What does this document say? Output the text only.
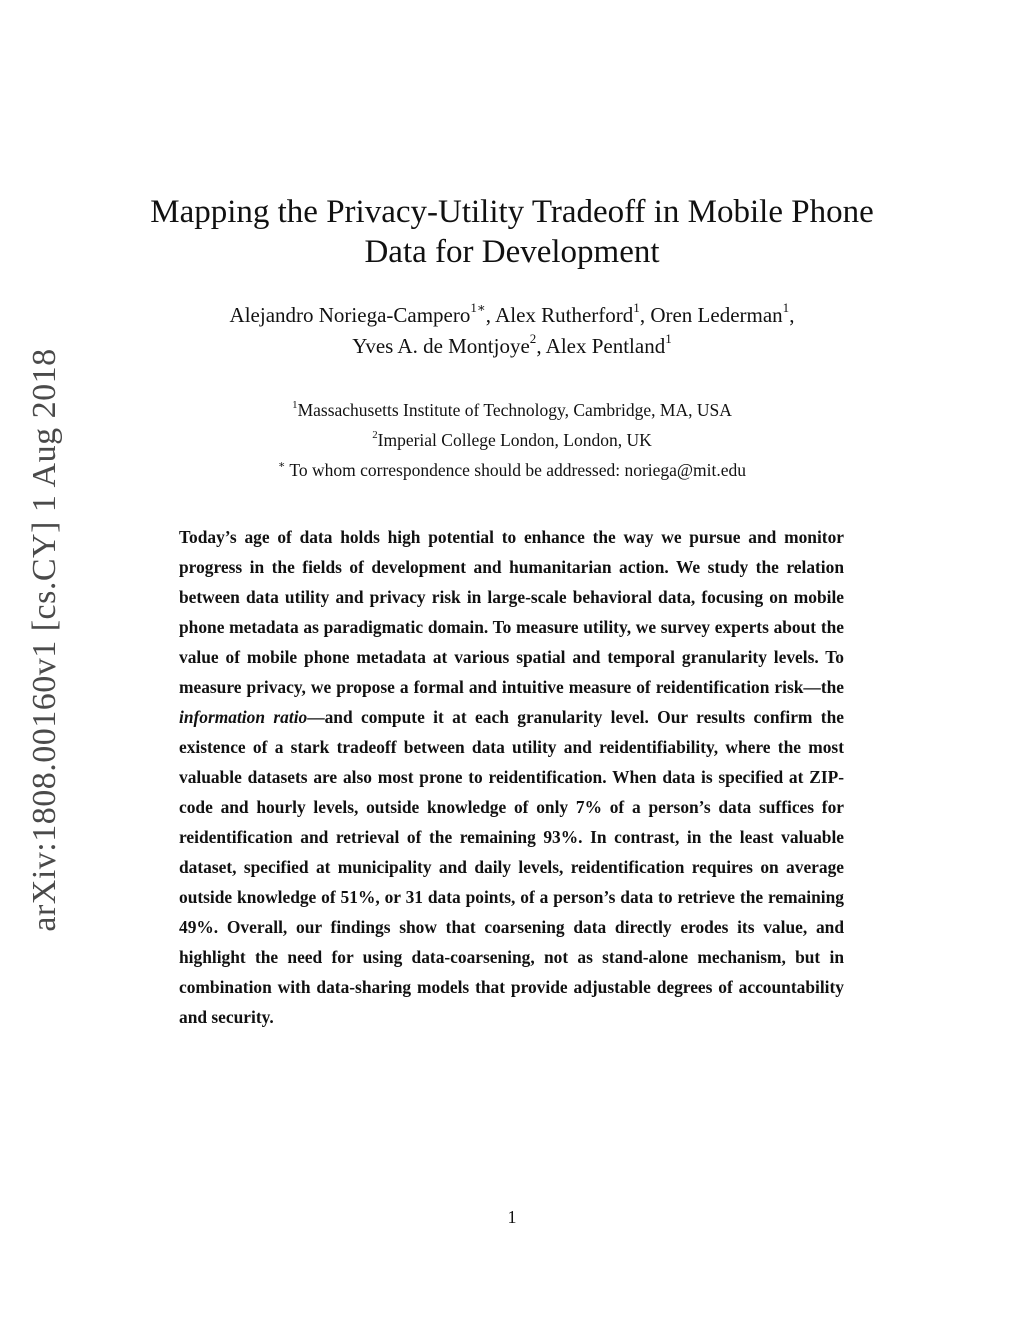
arXiv:1808.00160v1 [cs.CY] 1 Aug 2018
Mapping the Privacy-Utility Tradeoff in Mobile Phone
Data for Development
Alejandro Noriega-Campero$^{1∗}$, Alex Rutherford$^1$, Oren Lederman$^1$,
Yves A. de Montjoye$^2$, Alex Pentland$^1$
$^1$Massachusetts Institute of Technology, Cambridge, MA, USA
$^2$Imperial College London, London, UK
∗ To whom correspondence should be addressed: noriega@mit.edu

Today’s age of data holds high potential to enhance the way we pursue and monitor progress in the fields of development and humanitarian action. We study the relation between data utility and privacy risk in large-scale behavioral data, focusing on mobile phone metadata as paradigmatic domain. To measure utility, we survey experts about the value of mobile phone metadata at various spatial and temporal granularity levels. To measure privacy, we propose a formal and intuitive measure of reidentification risk—the information ratio—and compute it at each granularity level. Our results confirm the existence of a stark tradeoff between data utility and reidentifiability, where the most valuable datasets are also most prone to reidentification. When data is specified at ZIP-code and hourly levels, outside knowledge of only 7% of a person’s data suffices for reidentification and retrieval of the remaining 93%. In contrast, in the least valuable dataset, specified at municipality and daily levels, reidentification requires on average outside knowledge of 51%, or 31 data points, of a person’s data to retrieve the remaining 49%. Overall, our findings show that coarsening data directly erodes its value, and highlight the need for using data-coarsening, not as stand-alone mechanism, but in combination with data-sharing models that provide adjustable degrees of accountability and security.

1
